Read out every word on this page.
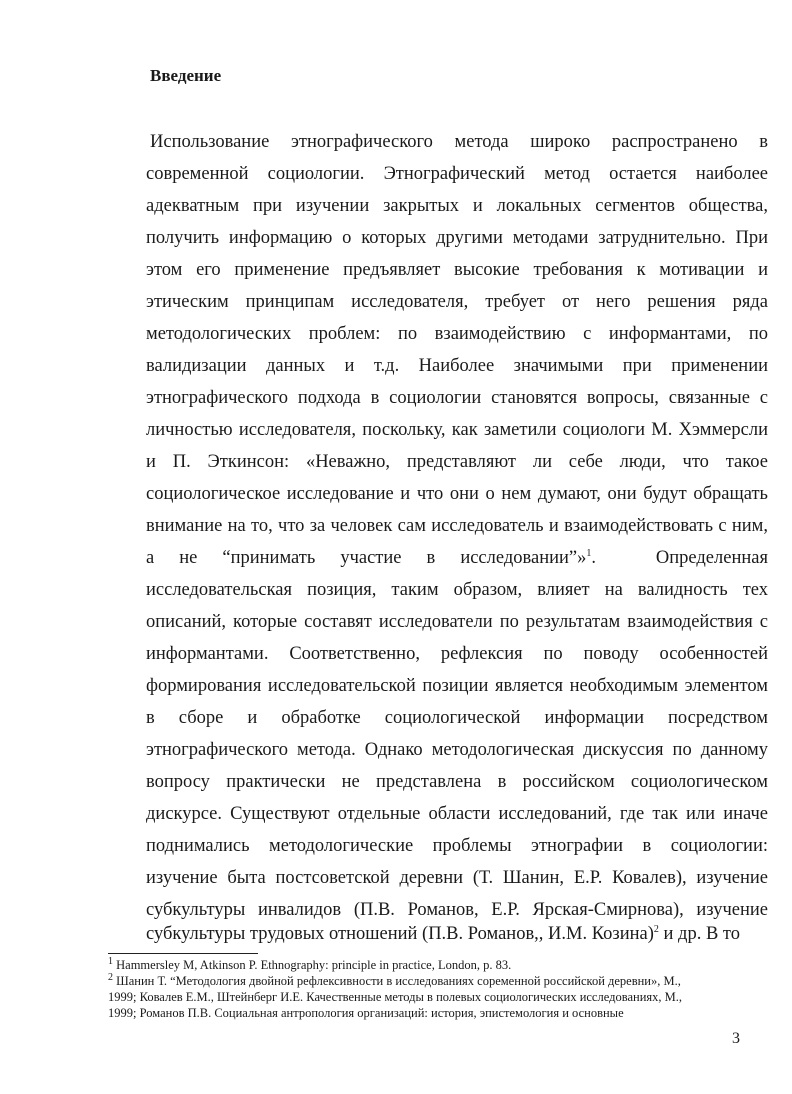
Введение
Использование этнографического метода широко распространено в
современной социологии. Этнографический метод остается наиболее
адекватным при изучении закрытых и локальных сегментов общества,
получить информацию о которых другими методами затруднительно. При
этом его применение предъявляет высокие требования к мотивации и
этическим принципам исследователя, требует от него решения ряда
методологических проблем: по взаимодействию с информантами, по
валидизации данных и т.д. Наиболее значимыми при применении
этнографического подхода в социологии становятся вопросы, связанные с
личностью исследователя, поскольку, как заметили социологи М. Хэммерсли
и П. Эткинсон: «Неважно, представляют ли себе люди, что такое
социологическое исследование и что они о нем думают, они будут обращать
внимание на то, что за человек сам исследователь и взаимодействовать с ним,
а не “принимать участие в исследовании”»$^1$.	Определенная
исследовательская позиция, таким образом, влияет на валидность тех
описаний, которые составят исследователи по результатам взаимодействия с
информантами. Соответственно, рефлексия по поводу особенностей
формирования исследовательской позиции является необходимым элементом
в сборе и обработке социологической информации посредством
этнографического метода. Однако методологическая дискуссия по данному
вопросу практически не представлена в российском социологическом
дискурсе. Существуют отдельные области исследований, где так или иначе
поднимались методологические проблемы этнографии в социологии:
изучение быта постсоветской деревни (Т. Шанин, Е.Р. Ковалев), изучение
субкультуры инвалидов (П.В. Романов, Е.Р. Ярская-Смирнова), изучение
субкультуры трудовых отношений (П.В. Романов,, И.М. Козина)$^2$ и др. В то
$^1$ Hammersley M, Atkinson P. Ethnography: principle in practice, London, p. 83.
$^2$ Шанин Т. “Методология двойной рефлексивности в исследованиях соременной российской деревни», М.,
1999; Ковалев Е.М., Штейнберг И.Е. Качественные методы в полевых социологических исследованиях, М.,
1999; Романов П.В. Социальная антропология организаций: история, эпистемология и основные
3
